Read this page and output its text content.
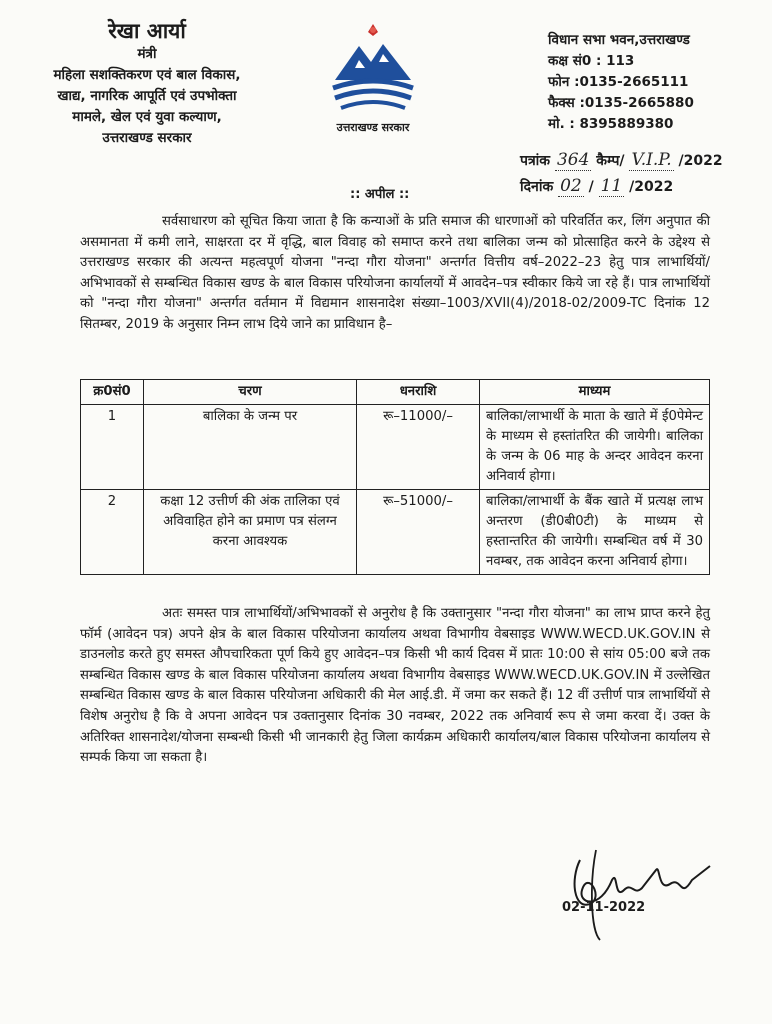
रेखा आर्या
मंत्री
महिला सशक्तिकरण एवं बाल विकास,
खाद्य, नागरिक आपूर्ति एवं उपभोक्ता
मामले, खेल एवं युवा कल्याण,
उत्तराखण्ड सरकार
उत्तराखण्ड सरकार
विधान सभा भवन,उत्तराखण्ड
कक्ष सं0 : 113
फोन :0135-2665111
फैक्स :0135-2665880
मो. : 8395889380
पत्रांक 364 कैम्प/ V.I.P. /2022
दिनांक 02 / 11 /2022
:: अपील ::
सर्वसाधारण को सूचित किया जाता है कि कन्याओं के प्रति समाज की धारणाओं को परिवर्तित कर, लिंग अनुपात की असमानता में कमी लाने, साक्षरता दर में वृद्धि, बाल विवाह को समाप्त करने तथा बालिका जन्म को प्रोत्साहित करने के उद्देश्य से उत्तराखण्ड सरकार की अत्यन्त महत्वपूर्ण योजना "नन्दा गौरा योजना" अन्तर्गत वित्तीय वर्ष–2022–23 हेतु पात्र लाभार्थियों/ अभिभावकों से सम्बन्धित विकास खण्ड के बाल विकास परियोजना कार्यालयों में आवदेन–पत्र स्वीकार किये जा रहे हैं। पात्र लाभार्थियों को "नन्दा गौरा योजना" अन्तर्गत वर्तमान में विद्यमान शासनादेश संख्या–1003/XVII(4)/2018-02/2009-TC दिनांक 12 सितम्बर, 2019 के अनुसार निम्न लाभ दिये जाने का प्राविधान है–
क्र0सं0	चरण	धनराशि	माध्यम
1	बालिका के जन्म पर	रू–11000/–	बालिका/लाभार्थी के माता के खाते में ई0पेमेन्ट के माध्यम से हस्तांतरित की जायेगी। बालिका के जन्म के 06 माह के अन्दर आवेदन करना अनिवार्य होगा।
2	कक्षा 12 उत्तीर्ण की अंक तालिका एवं अविवाहित होने का प्रमाण पत्र संलग्न करना आवश्यक	रू–51000/–	बालिका/लाभार्थी के बैंक खाते में प्रत्यक्ष लाभ अन्तरण (डी0बी0टी) के माध्यम से हस्तान्तरित की जायेगी। सम्बन्धित वर्ष में 30 नवम्बर, तक आवेदन करना अनिवार्य होगा।
अतः समस्त पात्र लाभार्थियों/अभिभावकों से अनुरोध है कि उक्तानुसार "नन्दा गौरा योजना" का लाभ प्राप्त करने हेतु फॉर्म (आवेदन पत्र) अपने क्षेत्र के बाल विकास परियोजना कार्यालय अथवा विभागीय वेबसाइड WWW.WECD.UK.GOV.IN से डाउनलोड करते हुए समस्त औपचारिकता पूर्ण किये हुए आवेदन–पत्र किसी भी कार्य दिवस में प्रातः 10:00 से सांय 05:00 बजे तक सम्बन्धित विकास खण्ड के बाल विकास परियोजना कार्यालय अथवा विभागीय वेबसाइड WWW.WECD.UK.GOV.IN में उल्लेखित सम्बन्धित विकास खण्ड के बाल विकास परियोजना अधिकारी की मेल आई.डी. में जमा कर सकते हैं। 12 वीं उत्तीर्ण पात्र लाभार्थियों से विशेष अनुरोध है कि वे अपना आवेदन पत्र उक्तानुसार दिनांक 30 नवम्बर, 2022 तक अनिवार्य रूप से जमा करवा दें। उक्त के अतिरिक्त शासनादेश/योजना सम्बन्धी किसी भी जानकारी हेतु जिला कार्यक्रम अधिकारी कार्यालय/बाल विकास परियोजना कार्यालय से सम्पर्क किया जा सकता है।
02-11-2022
